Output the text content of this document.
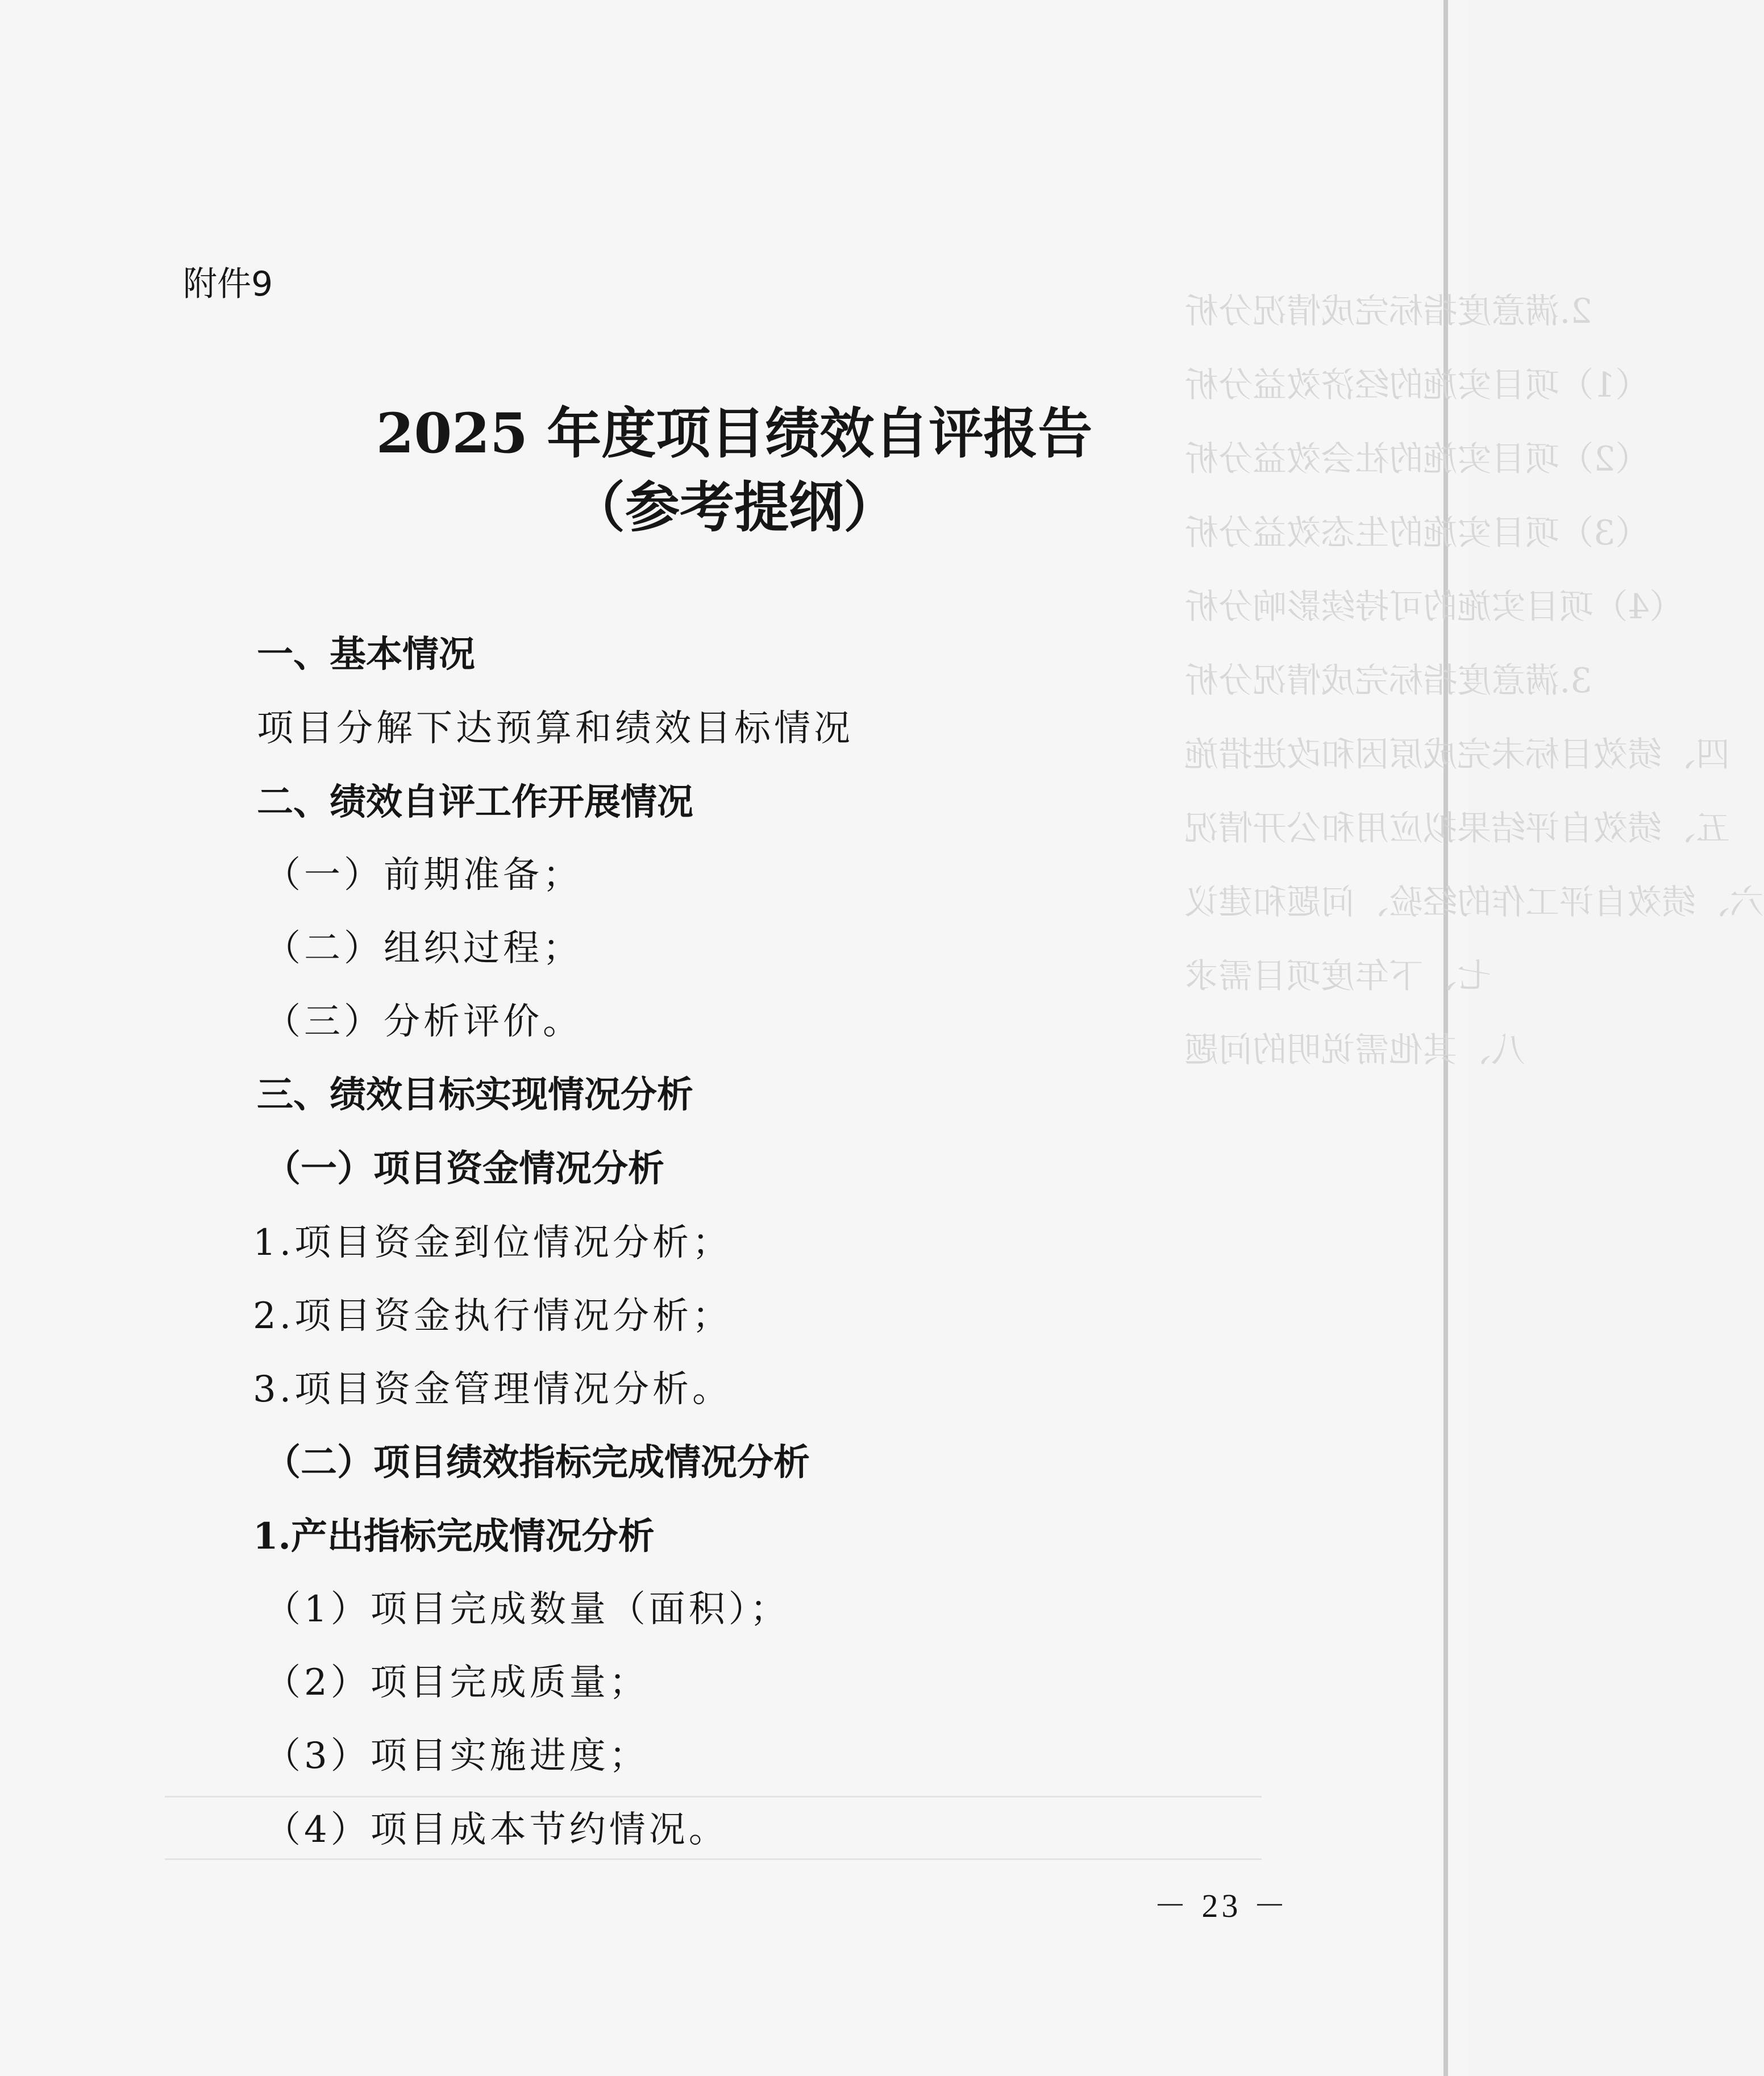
2.满意度指标完成情况分析
（1）项目实施的经济效益分析
（2）项目实施的社会效益分析
（3）项目实施的生态效益分析
（4）项目实施的可持续影响分析
3.满意度指标完成情况分析
四、绩效目标未完成原因和改进措施
五、绩效自评结果拟应用和公开情况
六、绩效自评工作的经验、问题和建议
七、下年度项目需求
八、其他需说明的问题
附件9
2025 年度项目绩效自评报告
（参考提纲）
一、基本情况
项目分解下达预算和绩效目标情况
二、绩效自评工作开展情况
（一）前期准备；
（二）组织过程；
（三）分析评价。
三、绩效目标实现情况分析
（一）项目资金情况分析
1.项目资金到位情况分析；
2.项目资金执行情况分析；
3.项目资金管理情况分析。
（二）项目绩效指标完成情况分析
1.产出指标完成情况分析
（1）项目完成数量（面积）；
（2）项目完成质量；
（3）项目实施进度；
（4）项目成本节约情况。
－ 23 －
